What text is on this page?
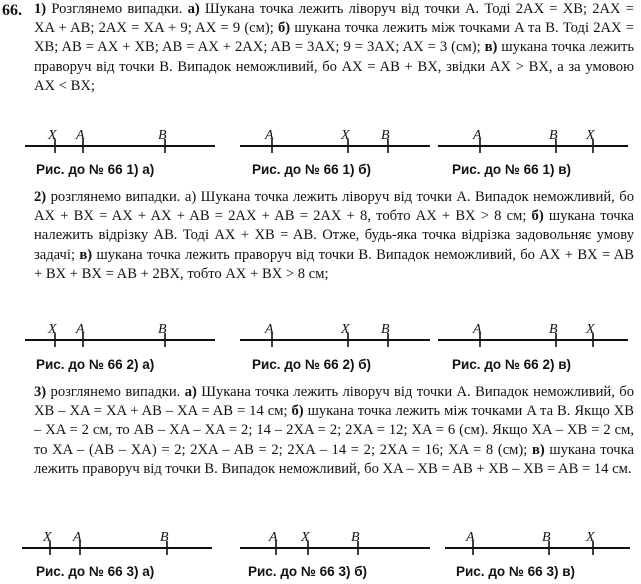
66. 1) Розглянемо випадки. а) Шукана точка лежить ліворуч від точки A. Тоді 2AX = XB; 2AX = XA + AB; 2AX = XA + 9; AX = 9 (см); б) шукана точка лежить між точками A та B. Тоді 2AX = XB; AB = AX + XB; AB = AX + 2AX; AB = 3AX; 9 = 3AX; AX = 3 (см); в) шукана точка лежить праворуч від точки B. Випадок неможливий, бо AX = AB + BX, звідки AX > BX, а за умовою AX < BX;

X A	B	A	X B	A	B X
Рис. до № 66 1) а)	Рис. до № 66 1) б)	Рис. до № 66 1) в)

2) розглянемо випадки. а) Шукана точка лежить ліворуч від точки A. Випадок неможливий, бо AX + BX = AX + AX + AB = 2AX + AB = 2AX + 8, тобто AX + BX > 8 см; б) шукана точка належить відрізку AB. Тоді AX + XB = AB. Отже, будь-яка точка відрізка задовольняє умову задачі; в) шукана точка лежить праворуч від точки B. Випадок неможливий, бо AX + BX = AB + BX + BX = AB + 2BX, тобто AX + BX > 8 см;

X A	B	A	X B	A	B X
Рис. до № 66 2) а)	Рис. до № 66 2) б)	Рис. до № 66 2) в)

3) розглянемо випадки. а) Шукана точка лежить ліворуч від точки A. Випадок неможливий, бо XB – XA = XA + AB – XA = AB = 14 см; б) шукана точка лежить між точками A та B. Якщо XB – XA = 2 см, то AB – XA – XA = 2; 14 – 2XA = 2; 2XA = 12; XA = 6 (см). Якщо XA – XB = 2 см, то XA – (AB – XA) = 2; 2XA – AB = 2; 2XA – 14 = 2; 2XA = 16; XA = 8 (см); в) шукана точка лежить праворуч від точки B. Випадок неможливий, бо XA – XB = AB + XB – XB = AB = 14 см.

X A	B	A X	B	A	B	X
Рис. до № 66 3) а)	Рис. до № 66 3) б)	Рис. до № 66 3) в)
